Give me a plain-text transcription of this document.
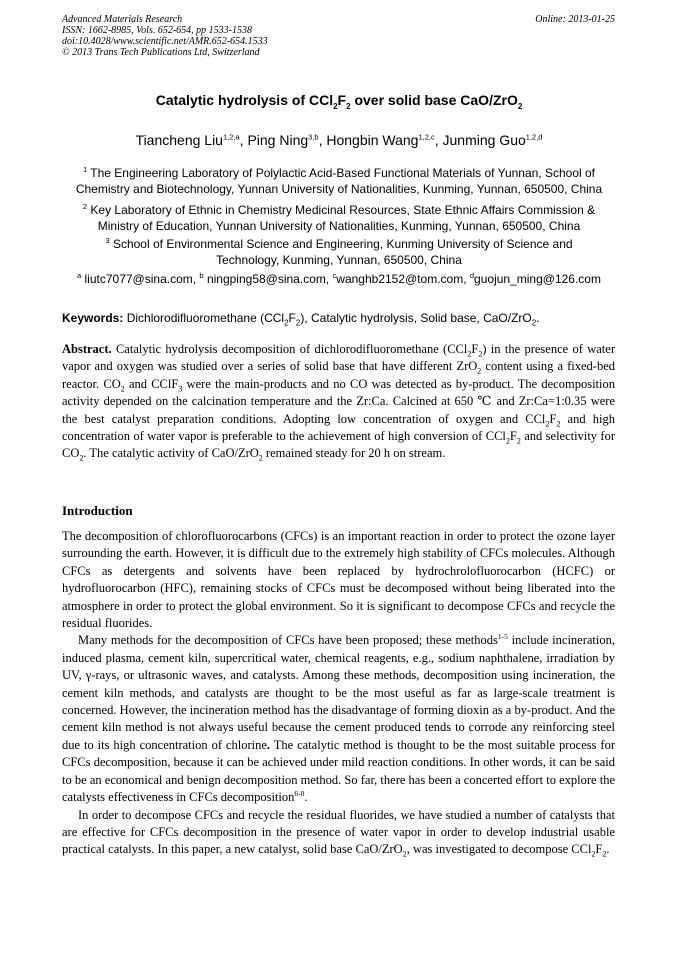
Advanced Materials Research
ISSN: 1662-8985, Vols. 652-654, pp 1533-1538
doi:10.4028/www.scientific.net/AMR.652-654.1533
© 2013 Trans Tech Publications Ltd, Switzerland
Online: 2013-01-25
Catalytic hydrolysis of $CCl_2F_2$ over solid base CaO/ZrO$_2$
Tiancheng Liu$^{1,2,a}$, Ping Ning$^{3,b}$, Hongbin Wang$^{1,2,c}$, Junming Guo$^{1,2,d}$
$^1$ The Engineering Laboratory of Polylactic Acid-Based Functional Materials of Yunnan, School of
Chemistry and Biotechnology, Yunnan University of Nationalities, Kunming, Yunnan, 650500, China
$^2$ Key Laboratory of Ethnic in Chemistry Medicinal Resources, State Ethnic Affairs Commission &
Ministry of Education, Yunnan University of Nationalities, Kunming, Yunnan, 650500, China
$^3$ School of Environmental Science and Engineering, Kunming University of Science and
Technology, Kunming, Yunnan, 650500, China
$^a$ liutc7077@sina.com, $^b$ ningping58@sina.com, $^c$wanghb2152@tom.com, $^d$guojun_ming@126.com
Keywords: Dichlorodifluoromethane $(CCl_2F_2)$, Catalytic hydrolysis, Solid base, CaO/ZrO$_2$.
Abstract. Catalytic hydrolysis decomposition of dichlorodifluoromethane $(CCl_2F_2)$ in the presence of water vapor and oxygen was studied over a series of solid base that have different ZrO$_2$ content using a fixed-bed reactor. $CO_2$ and CClF$_3$ were the main-products and no CO was detected as by-product. The decomposition activity depended on the calcination temperature and the Zr:Ca. Calcined at 650 ℃ and Zr:Ca=1:0.35 were the best catalyst preparation conditions. Adopting low concentration of oxygen and $CCl_2F_2$ and high concentration of water vapor is preferable to the achievement of high conversion of $CCl_2F_2$ and selectivity for $CO_2$. The catalytic activity of CaO/ZrO$_2$ remained steady for 20 h on stream.
Introduction

The decomposition of chlorofluorocarbons (CFCs) is an important reaction in order to protect the ozone layer surrounding the earth. However, it is difficult due to the extremely high stability of CFCs molecules. Although CFCs as detergents and solvents have been replaced by hydrochrolofluorocarbon (HCFC) or hydrofluorocarbon (HFC), remaining stocks of CFCs must be decomposed without being liberated into the atmosphere in order to protect the global environment. So it is significant to decompose CFCs and recycle the residual fluorides.

Many methods for the decomposition of CFCs have been proposed; these methods$^{1-5}$ include incineration, induced plasma, cement kiln, supercritical water, chemical reagents, e.g., sodium naphthalene, irradiation by UV, γ-rays, or ultrasonic waves, and catalysts. Among these methods, decomposition using incineration, the cement kiln methods, and catalysts are thought to be the most useful as far as large-scale treatment is concerned. However, the incineration method has the disadvantage of forming dioxin as a by-product. And the cement kiln method is not always useful because the cement produced tends to corrode any reinforcing steel due to its high concentration of chlorine. The catalytic method is thought to be the most suitable process for CFCs decomposition, because it can be achieved under mild reaction conditions. In other words, it can be said to be an economical and benign decomposition method. So far, there has been a concerted effort to explore the catalysts effectiveness in CFCs decomposition$^{6-8}$.

In order to decompose CFCs and recycle the residual fluorides, we have studied a number of catalysts that are effective for CFCs decomposition in the presence of water vapor in order to develop industrial usable practical catalysts. In this paper, a new catalyst, solid base CaO/ZrO$_2$, was investigated to decompose $CCl_2F_2$.
